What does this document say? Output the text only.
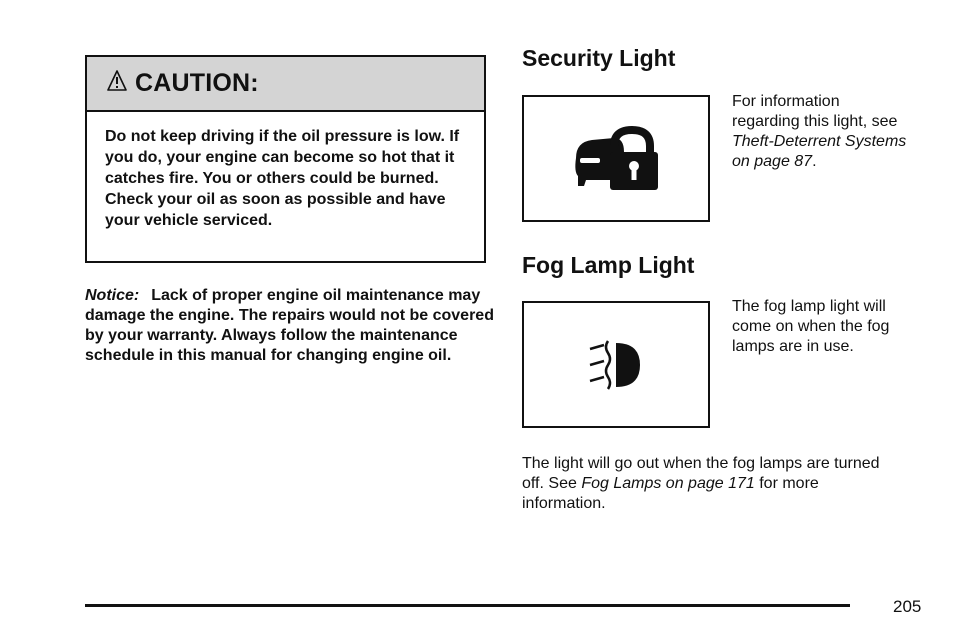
CAUTION:
Do not keep driving if the oil pressure is low. If you do, your engine can become so hot that it catches fire. You or others could be burned. Check your oil as soon as possible and have your vehicle serviced.
Notice: Lack of proper engine oil maintenance may damage the engine. The repairs would not be covered by your warranty. Always follow the maintenance schedule in this manual for changing engine oil.
Security Light
For information regarding this light, see Theft-Deterrent Systems on page 87.
Fog Lamp Light
The fog lamp light will come on when the fog lamps are in use.
The light will go out when the fog lamps are turned off. See Fog Lamps on page 171 for more information.
205
